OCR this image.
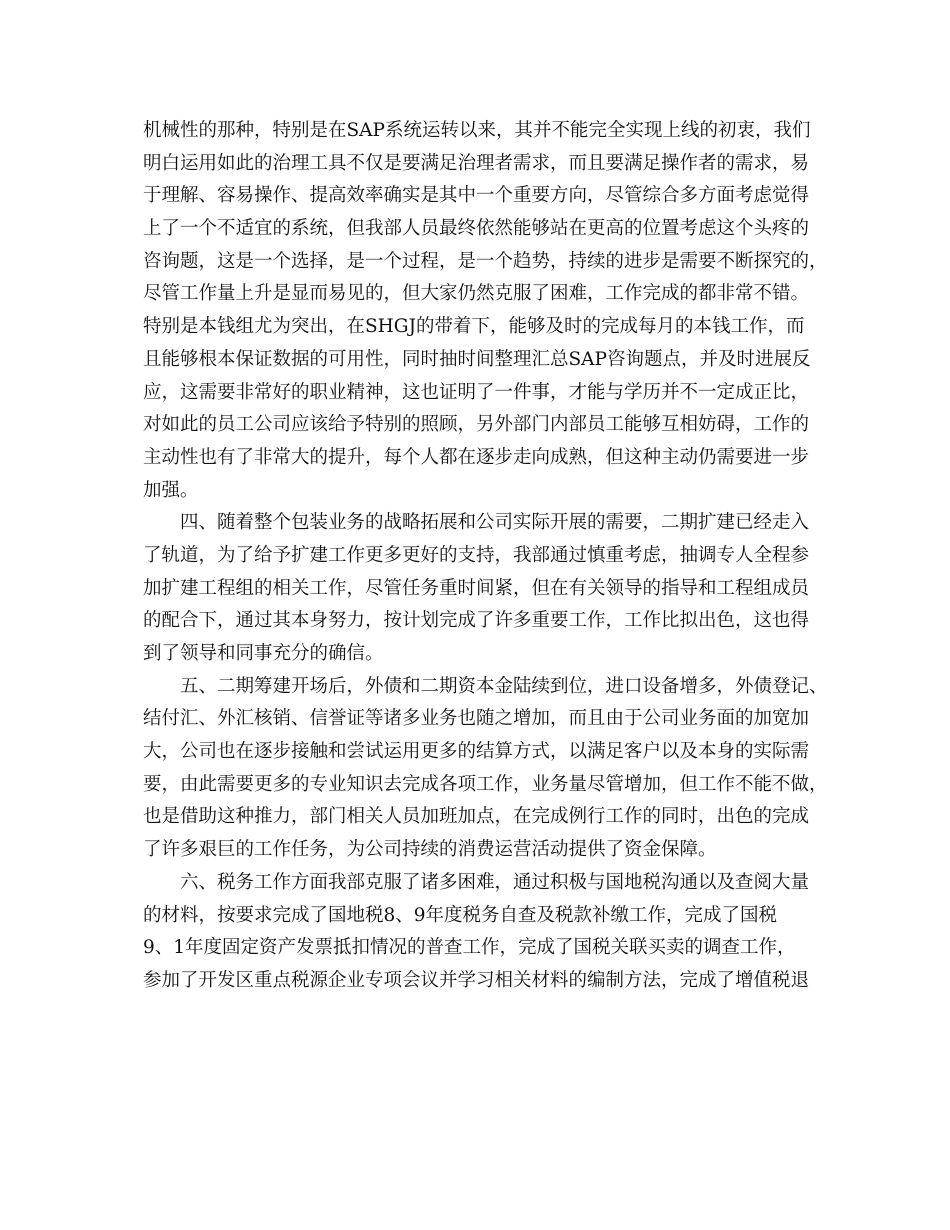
机械性的那种，特别是在SAP系统运转以来，其并不能完全实现上线的初衷，我们
明白运用如此的治理工具不仅是要满足治理者需求，而且要满足操作者的需求，易
于理解、容易操作、提高效率确实是其中一个重要方向，尽管综合多方面考虑觉得
上了一个不适宜的系统，但我部人员最终依然能够站在更高的位置考虑这个头疼的
咨询题，这是一个选择，是一个过程，是一个趋势，持续的进步是需要不断探究的，
尽管工作量上升是显而易见的，但大家仍然克服了困难，工作完成的都非常不错。
特别是本钱组尤为突出，在SHGJ的带着下，能够及时的完成每月的本钱工作，而
且能够根本保证数据的可用性，同时抽时间整理汇总SAP咨询题点，并及时进展反
应，这需要非常好的职业精神，这也证明了一件事，才能与学历并不一定成正比，
对如此的员工公司应该给予特别的照顾，另外部门内部员工能够互相妨碍，工作的
主动性也有了非常大的提升，每个人都在逐步走向成熟，但这种主动仍需要进一步
加强。
四、随着整个包装业务的战略拓展和公司实际开展的需要，二期扩建已经走入
了轨道，为了给予扩建工作更多更好的支持，我部通过慎重考虑，抽调专人全程参
加扩建工程组的相关工作，尽管任务重时间紧，但在有关领导的指导和工程组成员
的配合下，通过其本身努力，按计划完成了许多重要工作，工作比拟出色，这也得
到了领导和同事充分的确信。
五、二期筹建开场后，外债和二期资本金陆续到位，进口设备增多，外债登记、
结付汇、外汇核销、信誉证等诸多业务也随之增加，而且由于公司业务面的加宽加
大，公司也在逐步接触和尝试运用更多的结算方式，以满足客户以及本身的实际需
要，由此需要更多的专业知识去完成各项工作，业务量尽管增加，但工作不能不做，
也是借助这种推力，部门相关人员加班加点，在完成例行工作的同时，出色的完成
了许多艰巨的工作任务，为公司持续的消费运营活动提供了资金保障。
六、税务工作方面我部克服了诸多困难，通过积极与国地税沟通以及查阅大量
的材料，按要求完成了国地税8、9年度税务自查及税款补缴工作，完成了国税
9、1年度固定资产发票抵扣情况的普查工作，完成了国税关联买卖的调查工作，
参加了开发区重点税源企业专项会议并学习相关材料的编制方法，完成了增值税退
